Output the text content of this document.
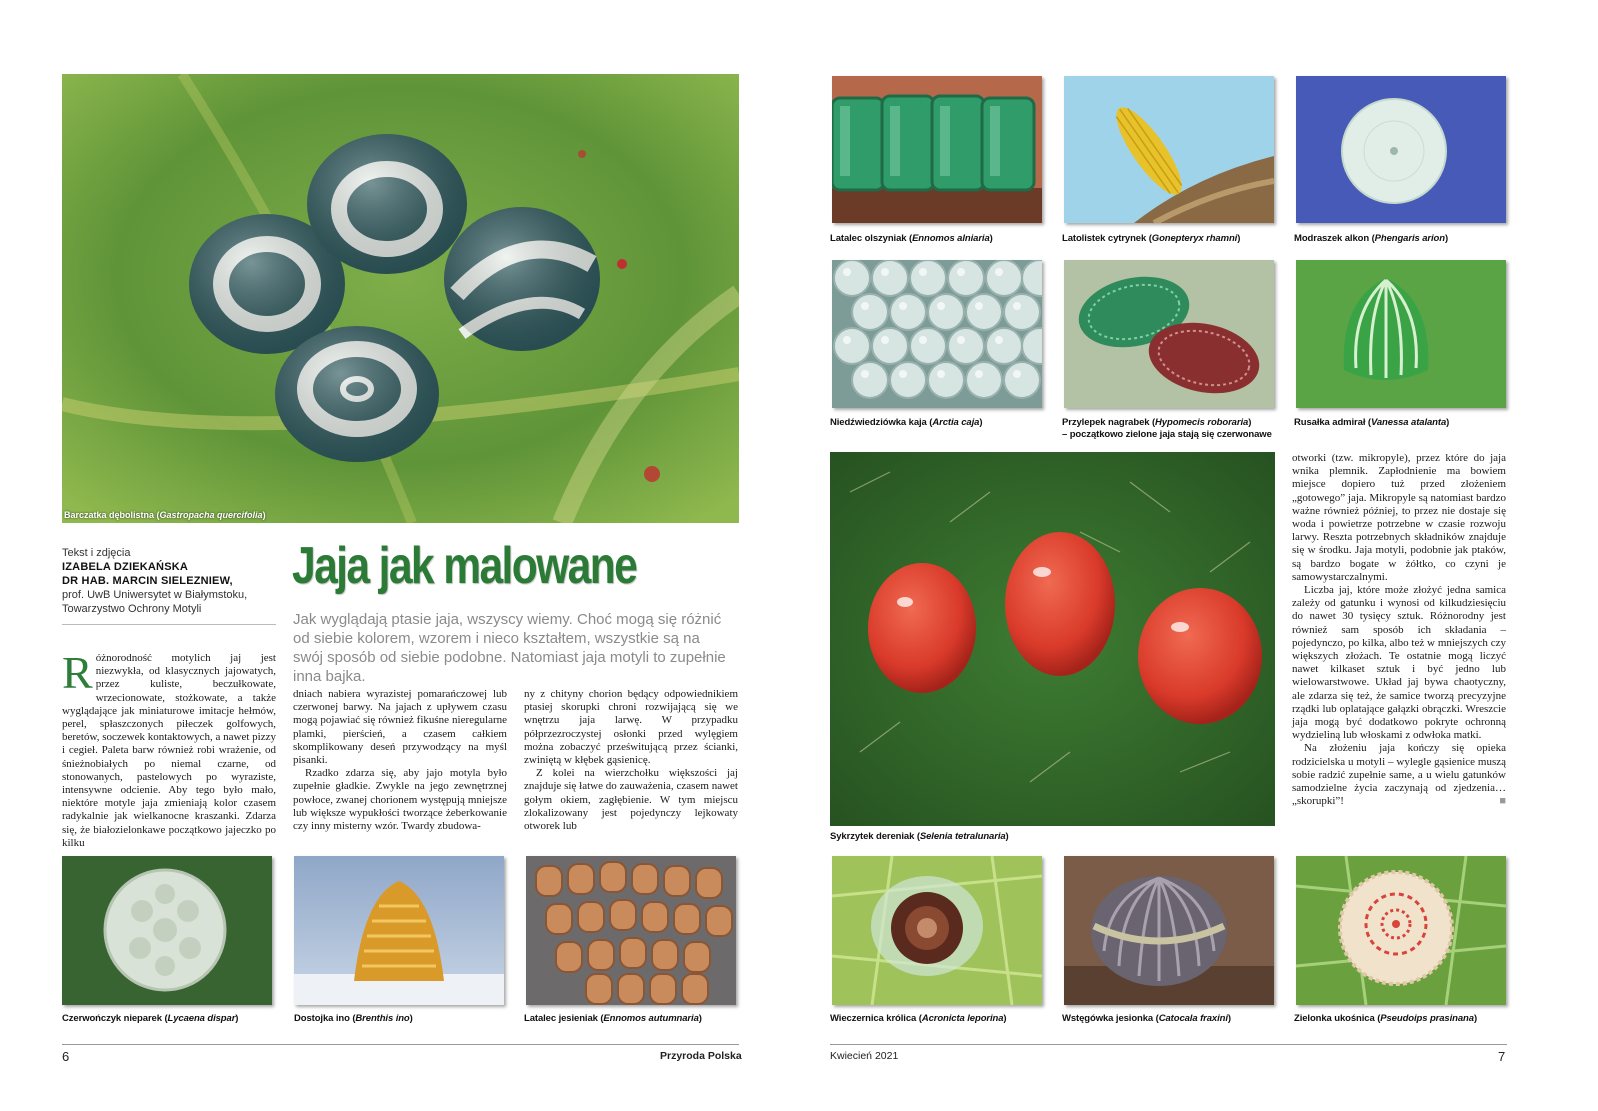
Barczatka dębolistna (Gastropacha quercifolia)
Tekst i zdjęcia
IZABELA DZIEKAŃSKA
DR HAB. MARCIN SIELEZNIEW,
prof. UwB Uniwersytet w Białymstoku,
Towarzystwo Ochrony Motyli
Jaja jak malowane
Jak wyglądają ptasie jaja, wszyscy wiemy. Choć mogą się różnić od siebie kolorem, wzorem i nieco kształtem, wszystkie są na swój sposób od siebie podobne. Natomiast jaja motyli to zupełnie inna bajka.

Różnorodność motylich jaj jest niezwykła, od klasycznych jajowatych, przez kuliste, beczułkowate, wrzecionowate, stożkowate, a także wyglądające jak miniaturowe imitacje hełmów, perel, spłaszczonych piłeczek golfowych, beretów, soczewek kontaktowych, a nawet pizzy i cegieł. Paleta barw również robi wrażenie, od śnieżnobiałych po niemal czarne, od stonowanych, pastelowych po wyraziste, intensywne odcienie. Aby tego było mało, niektóre motyle jaja zmieniają kolor czasem radykalnie jak wielkanocne kraszanki. Zdarza się, że białozielonkawe początkowo jajeczko po kilku

dniach nabiera wyrazistej pomarańczowej lub czerwonej barwy. Na jajach z upływem czasu mogą pojawiać się również fikuśne nieregularne plamki, pierścień, a czasem całkiem skomplikowany deseń przywodzący na myśl pisanki.

Rzadko zdarza się, aby jajo motyla było zupełnie gładkie. Zwykle na jego zewnętrznej powłoce, zwanej chorionem występują mniejsze lub większe wypukłości tworzące żeberkowanie czy inny misterny wzór. Twardy zbudowa-

ny z chityny chorion będący odpowiednikiem ptasiej skorupki chroni rozwijającą się we wnętrzu jaja larwę. W przypadku półprzezroczystej osłonki przed wylęgiem można zobaczyć prześwitującą przez ścianki, zwiniętą w kłębek gąsienicę.

Z kolei na wierzchołku większości jaj znajduje się łatwe do zauważenia, czasem nawet gołym okiem, zagłębienie. W tym miejscu zlokalizowany jest pojedynczy lejkowaty otworek lub

Czerwończyk nieparek (Lycaena dispar)	Dostojka ino (Brenthis ino)	Latalec jesieniak (Ennomos autumnaria)
6	Przyroda Polska
Latalec olszyniak (Ennomos alniaria)	Latolistek cytrynek (Gonepteryx rhamni)	Modraszek alkon (Phengaris arion)
Niedźwiedziówka kaja (Arctia caja)	Przylepek nagrabek (Hypomecis roboraria)
– początkowo zielone jaja stają się czerwonawe
Rusałka admirał (Vanessa atalanta)
Sykrzytek dereniak (Selenia tetralunaria)

otworki (tzw. mikropyle), przez które do jaja wnika plemnik. Zapłodnienie ma bowiem miejsce dopiero tuż przed złożeniem „gotowego” jaja. Mikropyle są natomiast bardzo ważne również później, to przez nie dostaje się woda i powietrze potrzebne w czasie rozwoju larwy. Reszta potrzebnych składników znajduje się w środku. Jaja motyli, podobnie jak ptaków, są bardzo bogate w żółtko, co czyni je samowystarczalnymi.

Liczba jaj, które może złożyć jedna samica zależy od gatunku i wynosi od kilkudziesięciu do nawet 30 tysięcy sztuk. Różnorodny jest również sam sposób ich składania – pojedynczo, po kilka, albo też w mniejszych czy większych złożach. Te ostatnie mogą liczyć nawet kilkaset sztuk i być jedno lub wielowarstwowe. Układ jaj bywa chaotyczny, ale zdarza się też, że samice tworzą precyzyjne rządki lub oplatające gałązki obrączki. Wreszcie jaja mogą być dodatkowo pokryte ochronną wydzieliną lub włoskami z odwłoka matki.

Na złożeniu jaja kończy się opieka rodzicielska u motyli – wylegle gąsienice muszą sobie radzić zupełnie same, a u wielu gatunków samodzielne życia zaczynają od zjedzenia… „skorupki”!	■

Wieczernica królica (Acronicta leporina)	Wstęgówka jesionka (Catocala fraxini)	Zielonka ukośnica (Pseudoips prasinana)
Kwiecień 2021	7
